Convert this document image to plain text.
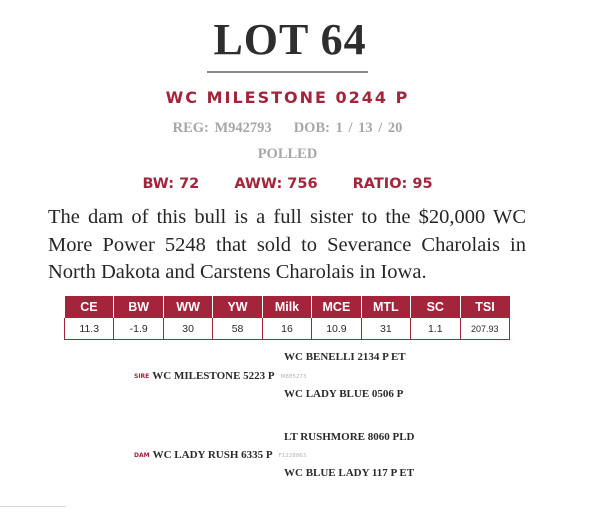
LOT 64
WC MILESTONE 0244 P
REG: M942793 DOB: 1 / 13 / 20
POLLED
BW: 72 AWW: 756 RATIO: 95
The dam of this bull is a full sister to the $20,000 WC More Power 5248 that sold to Severance Charolais in North Dakota and Carstens Charolais in Iowa.
CE	BW	WW	YW	Milk	MCE	MTL	SC	TSI
11.3	-1.9	30	58	16	10.9	31	1.1	207.93
WC BENELLI 2134 P ET
SIRE WC MILESTONE 5223 P M885273
WC LADY BLUE 0506 P
LT RUSHMORE 8060 PLD
DAM WC LADY RUSH 6335 P F1228863
WC BLUE LADY 117 P ET
